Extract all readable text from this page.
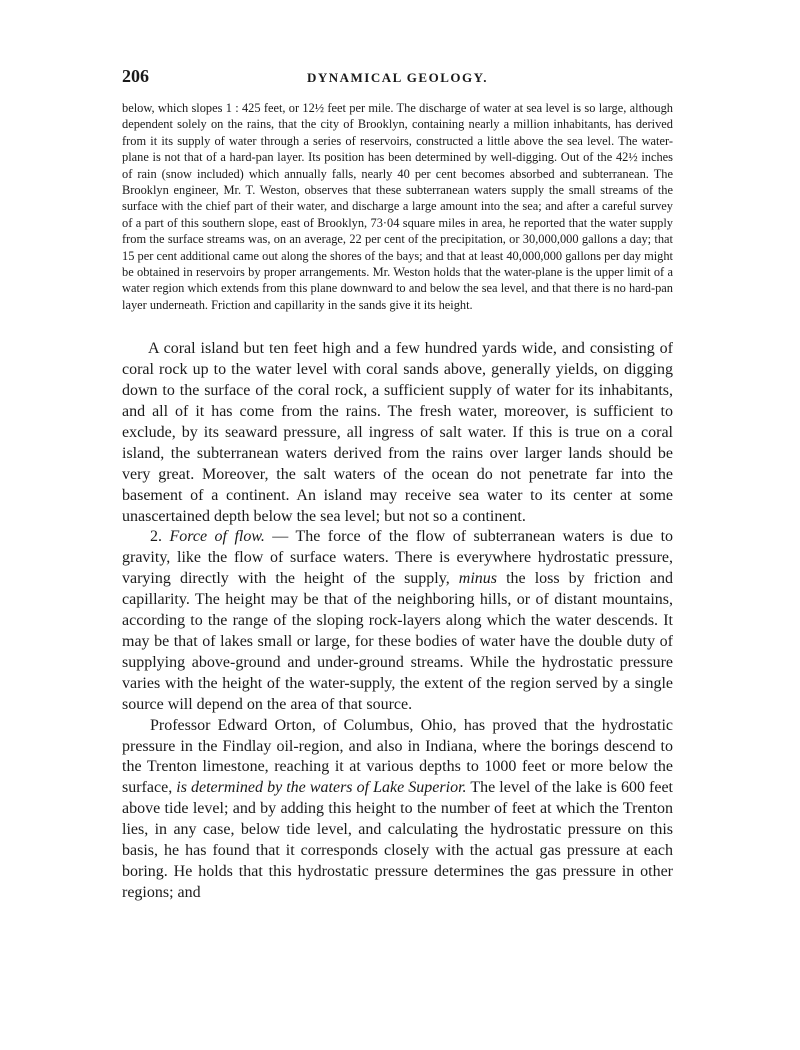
206	DYNAMICAL GEOLOGY.

below, which slopes 1 : 425 feet, or 12½ feet per mile. The discharge of water at sea level is so large, although dependent solely on the rains, that the city of Brooklyn, containing nearly a million inhabitants, has derived from it its supply of water through a series of reservoirs, constructed a little above the sea level. The water-plane is not that of a hard-pan layer. Its position has been determined by well-digging. Out of the 42½ inches of rain (snow included) which annually falls, nearly 40 per cent becomes absorbed and subterranean. The Brooklyn engineer, Mr. T. Weston, observes that these subterranean waters supply the small streams of the surface with the chief part of their water, and discharge a large amount into the sea; and after a careful survey of a part of this southern slope, east of Brooklyn, 73·04 square miles in area, he reported that the water supply from the surface streams was, on an average, 22 per cent of the precipitation, or 30,000,000 gallons a day; that 15 per cent additional came out along the shores of the bays; and that at least 40,000,000 gallons per day might be obtained in reservoirs by proper arrangements. Mr. Weston holds that the water-plane is the upper limit of a water region which extends from this plane downward to and below the sea level, and that there is no hard-pan layer underneath. Friction and capillarity in the sands give it its height.

A coral island but ten feet high and a few hundred yards wide, and consisting of coral rock up to the water level with coral sands above, generally yields, on digging down to the surface of the coral rock, a sufficient supply of water for its inhabitants, and all of it has come from the rains. The fresh water, moreover, is sufficient to exclude, by its seaward pressure, all ingress of salt water. If this is true on a coral island, the subterranean waters derived from the rains over larger lands should be very great. Moreover, the salt waters of the ocean do not penetrate far into the basement of a continent. An island may receive sea water to its center at some unascertained depth below the sea level; but not so a continent.

2. Force of flow. — The force of the flow of subterranean waters is due to gravity, like the flow of surface waters. There is everywhere hydrostatic pressure, varying directly with the height of the supply, minus the loss by friction and capillarity. The height may be that of the neighboring hills, or of distant mountains, according to the range of the sloping rock-layers along which the water descends. It may be that of lakes small or large, for these bodies of water have the double duty of supplying above-ground and under-ground streams. While the hydrostatic pressure varies with the height of the water-supply, the extent of the region served by a single source will depend on the area of that source.

Professor Edward Orton, of Columbus, Ohio, has proved that the hydrostatic pressure in the Findlay oil-region, and also in Indiana, where the borings descend to the Trenton limestone, reaching it at various depths to 1000 feet or more below the surface, is determined by the waters of Lake Superior. The level of the lake is 600 feet above tide level; and by adding this height to the number of feet at which the Trenton lies, in any case, below tide level, and calculating the hydrostatic pressure on this basis, he has found that it corresponds closely with the actual gas pressure at each boring. He holds that this hydrostatic pressure determines the gas pressure in other regions; and
